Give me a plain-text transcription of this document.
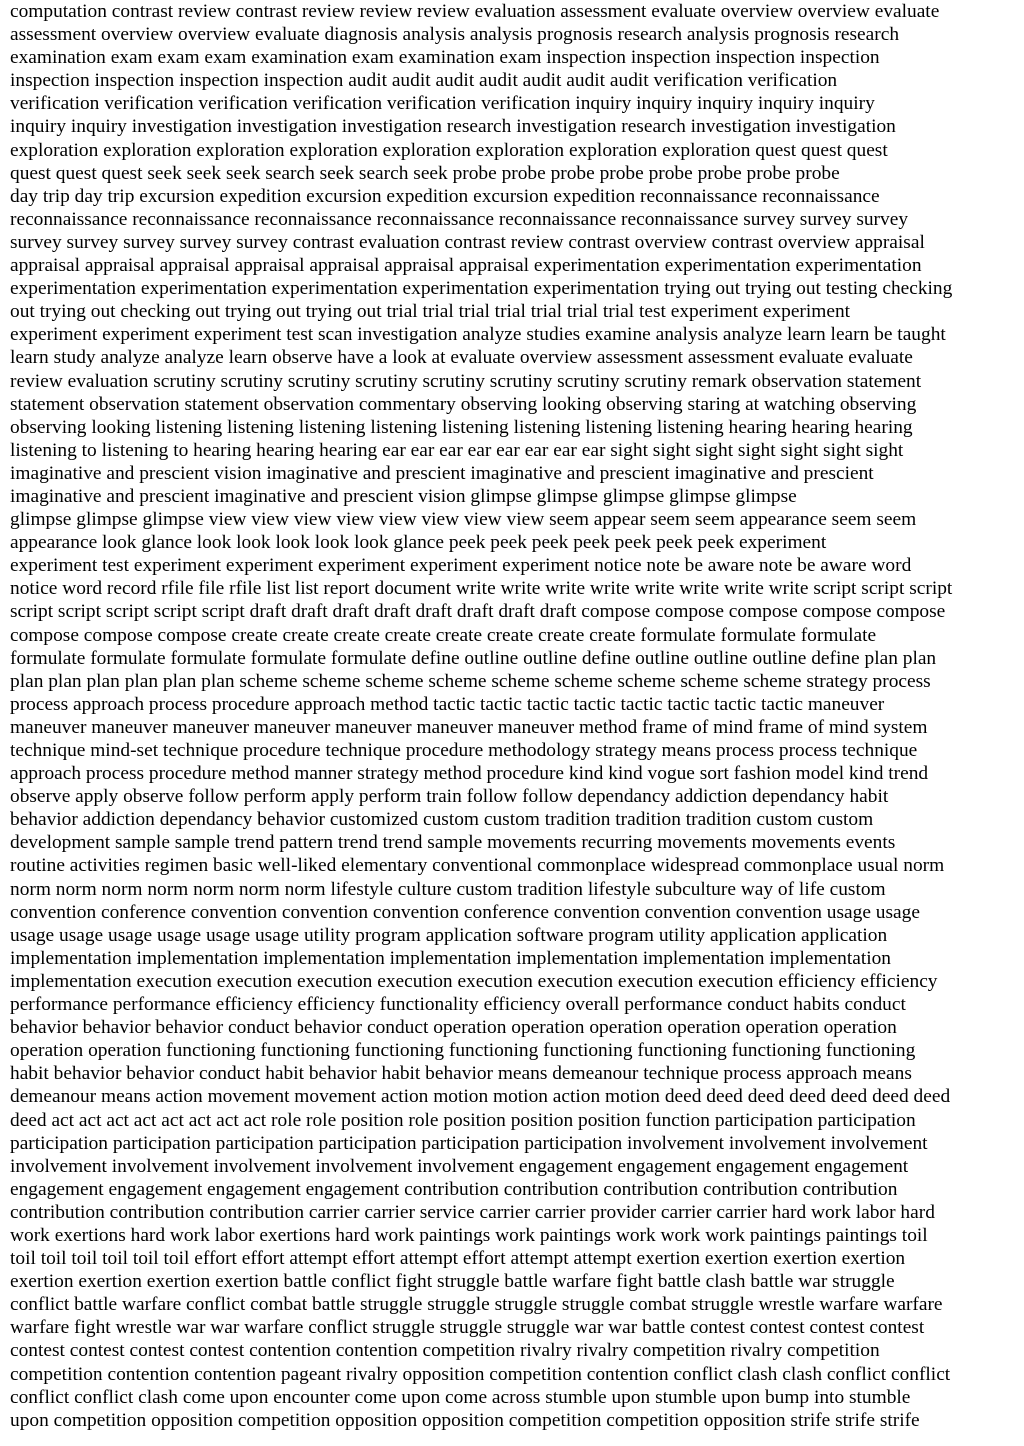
computation contrast review contrast review review review evaluation assessment evaluate overview overview evaluate
assessment overview overview evaluate diagnosis analysis analysis prognosis research analysis prognosis research
examination exam exam exam examination exam examination exam inspection inspection inspection inspection
inspection inspection inspection inspection audit audit audit audit audit audit audit verification verification
verification verification verification verification verification verification inquiry inquiry inquiry inquiry inquiry
inquiry inquiry investigation investigation investigation research investigation research investigation investigation
exploration exploration exploration exploration exploration exploration exploration exploration quest quest quest
quest quest quest seek seek seek search seek search seek probe probe probe probe probe probe probe probe
day trip day trip excursion expedition excursion expedition excursion expedition reconnaissance reconnaissance
reconnaissance reconnaissance reconnaissance reconnaissance reconnaissance reconnaissance survey survey survey
survey survey survey survey survey contrast evaluation contrast review contrast overview contrast overview appraisal
appraisal appraisal appraisal appraisal appraisal appraisal appraisal experimentation experimentation experimentation
experimentation experimentation experimentation experimentation experimentation trying out trying out testing checking
out trying out checking out trying out trying out trial trial trial trial trial trial trial test experiment experiment
experiment experiment experiment test scan investigation analyze studies examine analysis analyze learn learn be taught
learn study analyze analyze learn observe have a look at evaluate overview assessment assessment evaluate evaluate
review evaluation scrutiny scrutiny scrutiny scrutiny scrutiny scrutiny scrutiny scrutiny remark observation statement
statement observation statement observation commentary observing looking observing staring at watching observing
observing looking listening listening listening listening listening listening listening listening hearing hearing hearing
listening to listening to hearing hearing hearing ear ear ear ear ear ear ear ear sight sight sight sight sight sight sight
imaginative and prescient vision imaginative and prescient imaginative and prescient imaginative and prescient
imaginative and prescient imaginative and prescient vision glimpse glimpse glimpse glimpse glimpse
glimpse glimpse glimpse view view view view view view view view seem appear seem seem appearance seem seem
appearance look glance look look look look look glance peek peek peek peek peek peek peek experiment
experiment test experiment experiment experiment experiment experiment notice note be aware note be aware word
notice word record rfile file rfile list list report document write write write write write write write write script script script
script script script script script draft draft draft draft draft draft draft draft compose compose compose compose compose
compose compose compose create create create create create create create create formulate formulate formulate
formulate formulate formulate formulate formulate define outline outline define outline outline outline define plan plan
plan plan plan plan plan plan scheme scheme scheme scheme scheme scheme scheme scheme scheme strategy process
process approach process procedure approach method tactic tactic tactic tactic tactic tactic tactic tactic maneuver
maneuver maneuver maneuver maneuver maneuver maneuver maneuver method frame of mind frame of mind system
technique mind-set technique procedure technique procedure methodology strategy means process process technique
approach process procedure method manner strategy method procedure kind kind vogue sort fashion model kind trend
observe apply observe follow perform apply perform train follow follow dependancy addiction dependancy habit
behavior addiction dependancy behavior customized custom custom tradition tradition tradition custom custom
development sample sample trend pattern trend trend sample movements recurring movements movements events
routine activities regimen basic well-liked elementary conventional commonplace widespread commonplace usual norm
norm norm norm norm norm norm norm lifestyle culture custom tradition lifestyle subculture way of life custom
convention conference convention convention convention conference convention convention convention usage usage
usage usage usage usage usage usage utility program application software program utility application application
implementation implementation implementation implementation implementation implementation implementation
implementation execution execution execution execution execution execution execution execution efficiency efficiency
performance performance efficiency efficiency functionality efficiency overall performance conduct habits conduct
behavior behavior behavior conduct behavior conduct operation operation operation operation operation operation
operation operation functioning functioning functioning functioning functioning functioning functioning functioning
habit behavior behavior conduct habit behavior habit behavior means demeanour technique process approach means
demeanour means action movement movement action motion motion action motion deed deed deed deed deed deed deed
deed act act act act act act act act role role position role position position position function participation participation
participation participation participation participation participation participation involvement involvement involvement
involvement involvement involvement involvement involvement engagement engagement engagement engagement
engagement engagement engagement engagement contribution contribution contribution contribution contribution
contribution contribution contribution carrier carrier service carrier carrier provider carrier carrier hard work labor hard
work exertions hard work labor exertions hard work paintings work paintings work work work paintings paintings toil
toil toil toil toil toil toil effort effort attempt effort attempt effort attempt attempt exertion exertion exertion exertion
exertion exertion exertion exertion battle conflict fight struggle battle warfare fight battle clash battle war struggle
conflict battle warfare conflict combat battle struggle struggle struggle struggle combat struggle wrestle warfare warfare
warfare fight wrestle war war warfare conflict struggle struggle struggle war war battle contest contest contest contest
contest contest contest contest contention contention competition rivalry rivalry competition rivalry competition
competition contention contention pageant rivalry opposition competition contention conflict clash clash conflict conflict
conflict conflict clash come upon encounter come upon come across stumble upon stumble upon bump into stumble
upon competition opposition competition opposition opposition competition competition opposition strife strife strife
